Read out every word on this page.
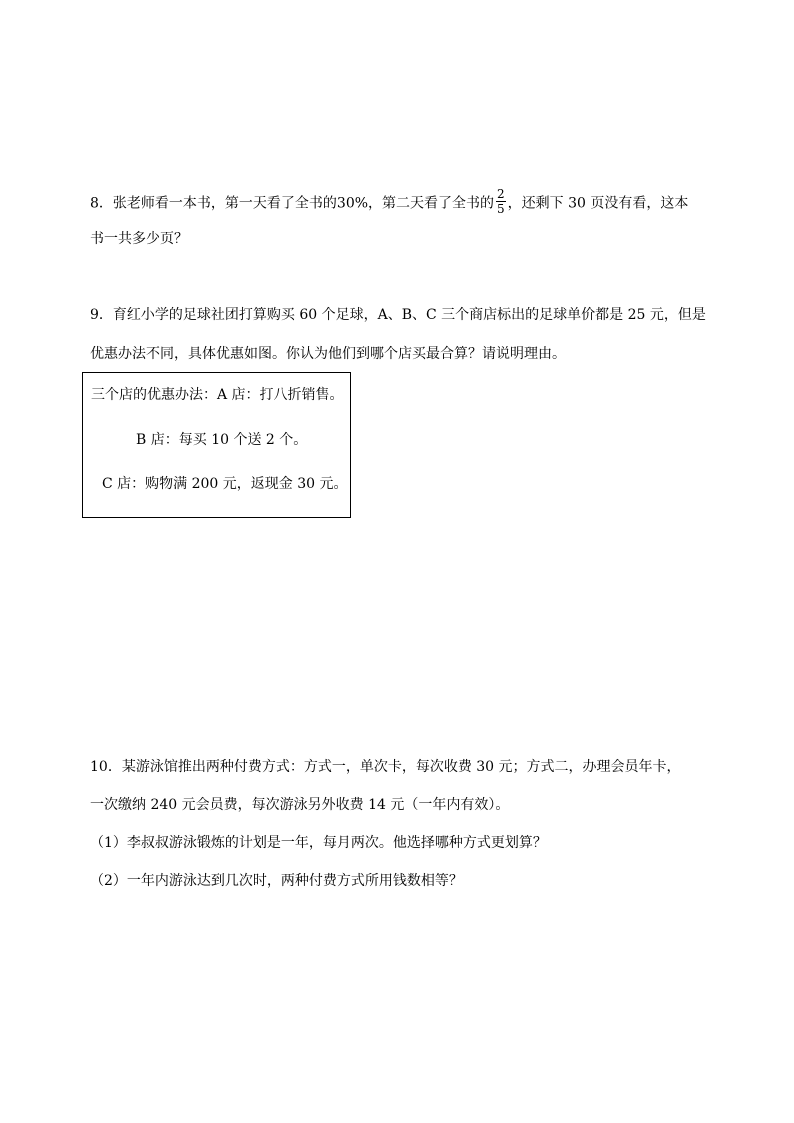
8．张老师看一本书，第一天看了全书的30%，第二天看了全书的 $\frac{2}{5}$ ，还剩下 30 页没有看，这本
书一共多少页？
9．育红小学的足球社团打算购买 60 个足球，A、B、C 三个商店标出的足球单价都是 25 元，但是
优惠办法不同，具体优惠如图。你认为他们到哪个店买最合算？请说明理由。
三个店的优惠办法：A 店：打八折销售。
B 店：每买 10 个送 2 个。
C 店：购物满 200 元，返现金 30 元。
10．某游泳馆推出两种付费方式：方式一，单次卡，每次收费 30 元；方式二，办理会员年卡，
一次缴纳 240 元会员费，每次游泳另外收费 14 元（一年内有效）。
（1）李叔叔游泳锻炼的计划是一年，每月两次。他选择哪种方式更划算？
（2）一年内游泳达到几次时，两种付费方式所用钱数相等？
